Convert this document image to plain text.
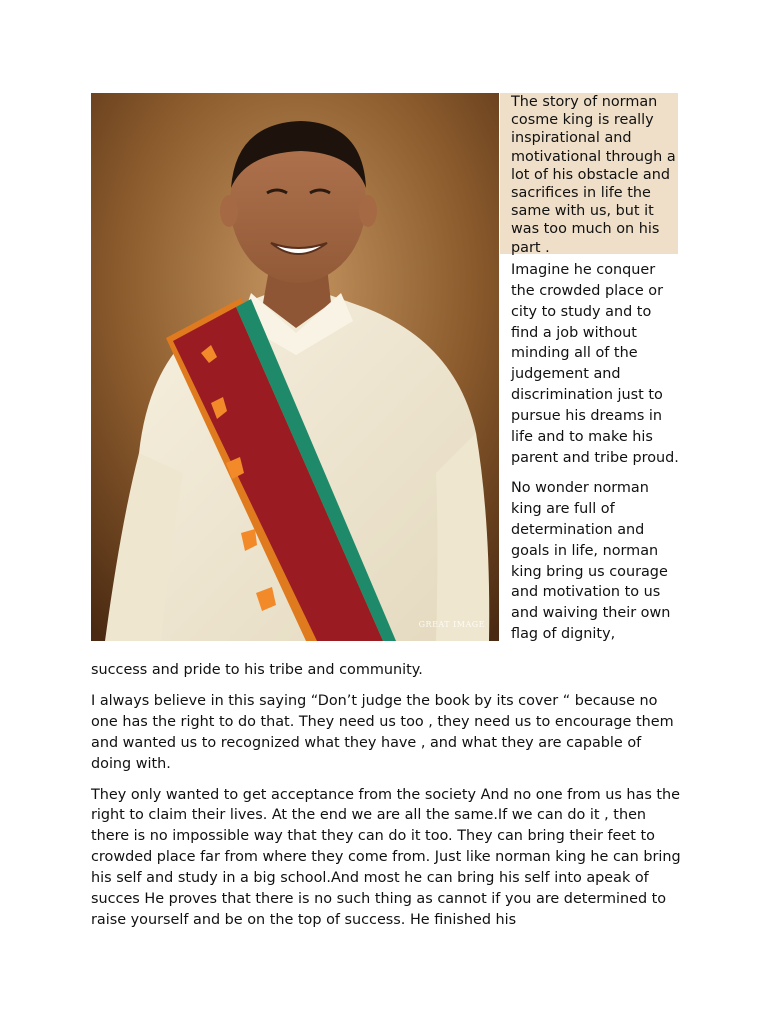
GREAT IMAGE

The story of norman cosme king is really inspirational and motivational through a lot of his obstacle and sacrifices in life the same with us, but it was too much on his part .

Imagine he conquer the crowded place or city to study and to find a job without minding all of the judgement and discrimination just to pursue his dreams in life and to make his parent and tribe proud.

No wonder norman king are full of determination and goals in life, norman king bring us courage and motivation to us and waiving their own flag of dignity,

success and pride to his tribe and community.

I always believe in this saying “Don’t judge the book by its cover “ because no one has the right to do that. They need us too , they need us to encourage them and wanted us to recognized what they have , and what they are capable of doing with.

They only wanted to get acceptance from the society And no one from us has the right to claim their lives. At the end we are all the same.If we can do it , then there is no impossible way that they can do it too. They can bring their feet to crowded place far from where they come from. Just like norman king he can bring his self and study in a big school.And most he can bring his self into apeak of succes He proves that there is no such thing as cannot if you are determined to raise yourself and be on the top of success. He finished his
